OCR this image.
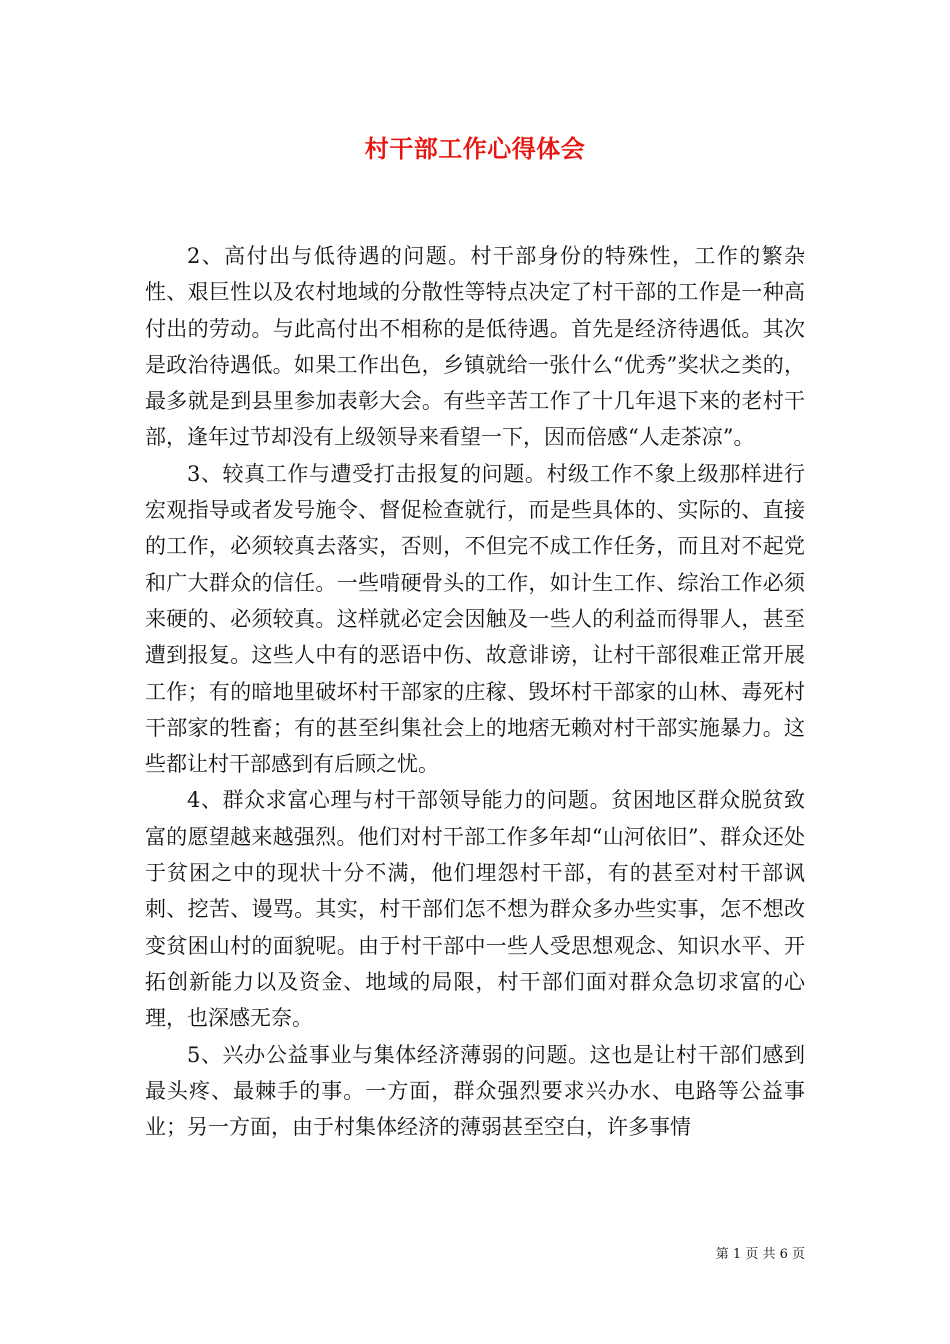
村干部工作心得体会

2、高付出与低待遇的问题。村干部身份的特殊性，工作的繁杂性、艰巨性以及农村地域的分散性等特点决定了村干部的工作是一种高付出的劳动。与此高付出不相称的是低待遇。首先是经济待遇低。其次是政治待遇低。如果工作出色，乡镇就给一张什么“优秀”奖状之类的，最多就是到县里参加表彰大会。有些辛苦工作了十几年退下来的老村干部，逢年过节却没有上级领导来看望一下，因而倍感“人走茶凉”。

3、较真工作与遭受打击报复的问题。村级工作不象上级那样进行宏观指导或者发号施令、督促检查就行，而是些具体的、实际的、直接的工作，必须较真去落实，否则，不但完不成工作任务，而且对不起党和广大群众的信任。一些啃硬骨头的工作，如计生工作、综治工作必须来硬的、必须较真。这样就必定会因触及一些人的利益而得罪人，甚至遭到报复。这些人中有的恶语中伤、故意诽谤，让村干部很难正常开展工作；有的暗地里破坏村干部家的庄稼、毁坏村干部家的山林、毒死村干部家的牲畜；有的甚至纠集社会上的地痞无赖对村干部实施暴力。这些都让村干部感到有后顾之忧。

4、群众求富心理与村干部领导能力的问题。贫困地区群众脱贫致富的愿望越来越强烈。他们对村干部工作多年却“山河依旧”、群众还处于贫困之中的现状十分不满，他们埋怨村干部，有的甚至对村干部讽刺、挖苦、谩骂。其实，村干部们怎不想为群众多办些实事，怎不想改变贫困山村的面貌呢。由于村干部中一些人受思想观念、知识水平、开拓创新能力以及资金、地域的局限，村干部们面对群众急切求富的心理，也深感无奈。

5、兴办公益事业与集体经济薄弱的问题。这也是让村干部们感到最头疼、最棘手的事。一方面，群众强烈要求兴办水、电路等公益事业；另一方面，由于村集体经济的薄弱甚至空白，许多事情

第 1 页 共 6 页
